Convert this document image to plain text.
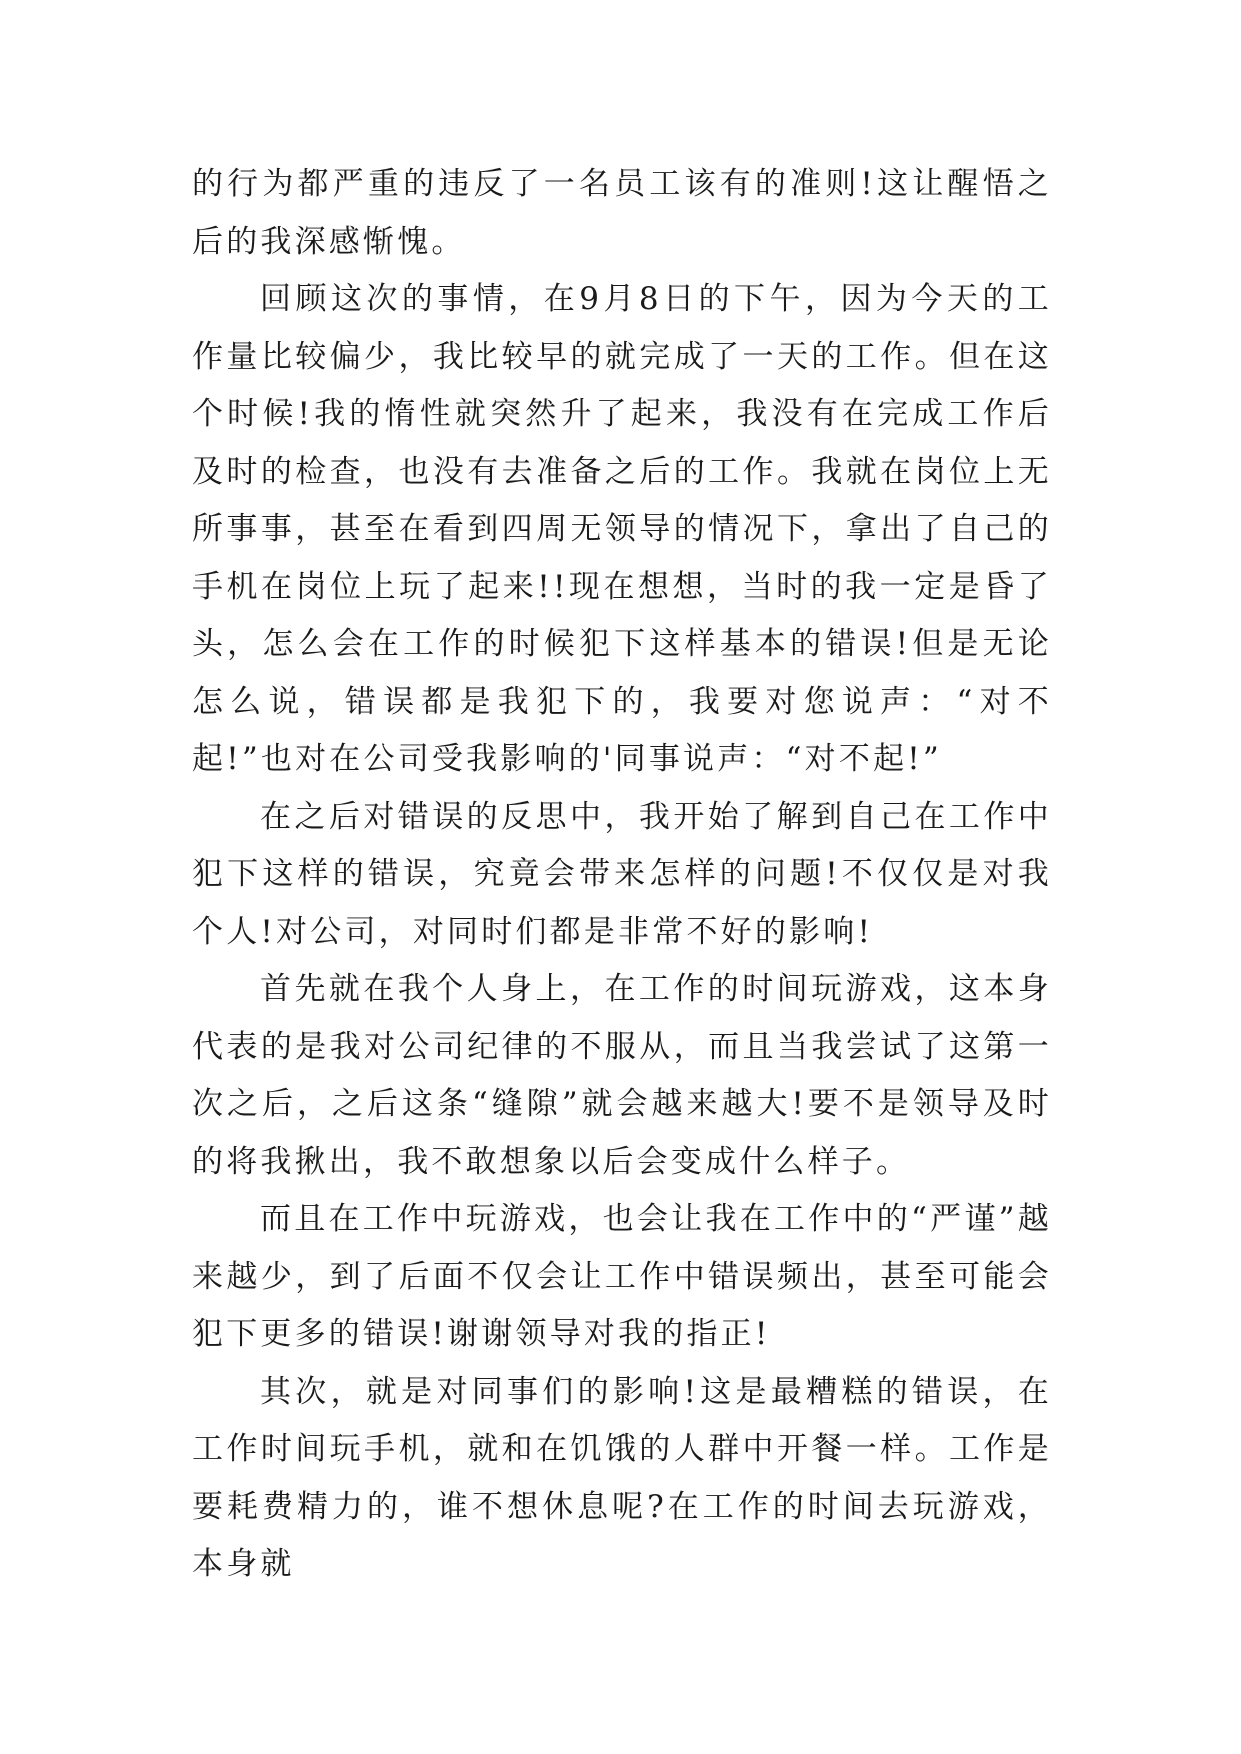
的行为都严重的违反了一名员工该有的准则!这让醒悟之后的我深感惭愧。

回顾这次的事情，在9月8日的下午，因为今天的工作量比较偏少，我比较早的就完成了一天的工作。但在这个时候!我的惰性就突然升了起来，我没有在完成工作后及时的检查，也没有去准备之后的工作。我就在岗位上无所事事，甚至在看到四周无领导的情况下，拿出了自己的手机在岗位上玩了起来!!现在想想，当时的我一定是昏了头，怎么会在工作的时候犯下这样基本的错误!但是无论怎么说，错误都是我犯下的，我要对您说声：“对不起!”也对在公司受我影响的'同事说声：“对不起!”

在之后对错误的反思中，我开始了解到自己在工作中犯下这样的错误，究竟会带来怎样的问题!不仅仅是对我个人!对公司，对同时们都是非常不好的影响!

首先就在我个人身上，在工作的时间玩游戏，这本身代表的是我对公司纪律的不服从，而且当我尝试了这第一次之后，之后这条“缝隙”就会越来越大!要不是领导及时的将我揪出，我不敢想象以后会变成什么样子。

而且在工作中玩游戏，也会让我在工作中的“严谨”越来越少，到了后面不仅会让工作中错误频出，甚至可能会犯下更多的错误!谢谢领导对我的指正!

其次，就是对同事们的影响!这是最糟糕的错误，在工作时间玩手机，就和在饥饿的人群中开餐一样。工作是要耗费精力的，谁不想休息呢?在工作的时间去玩游戏，本身就
